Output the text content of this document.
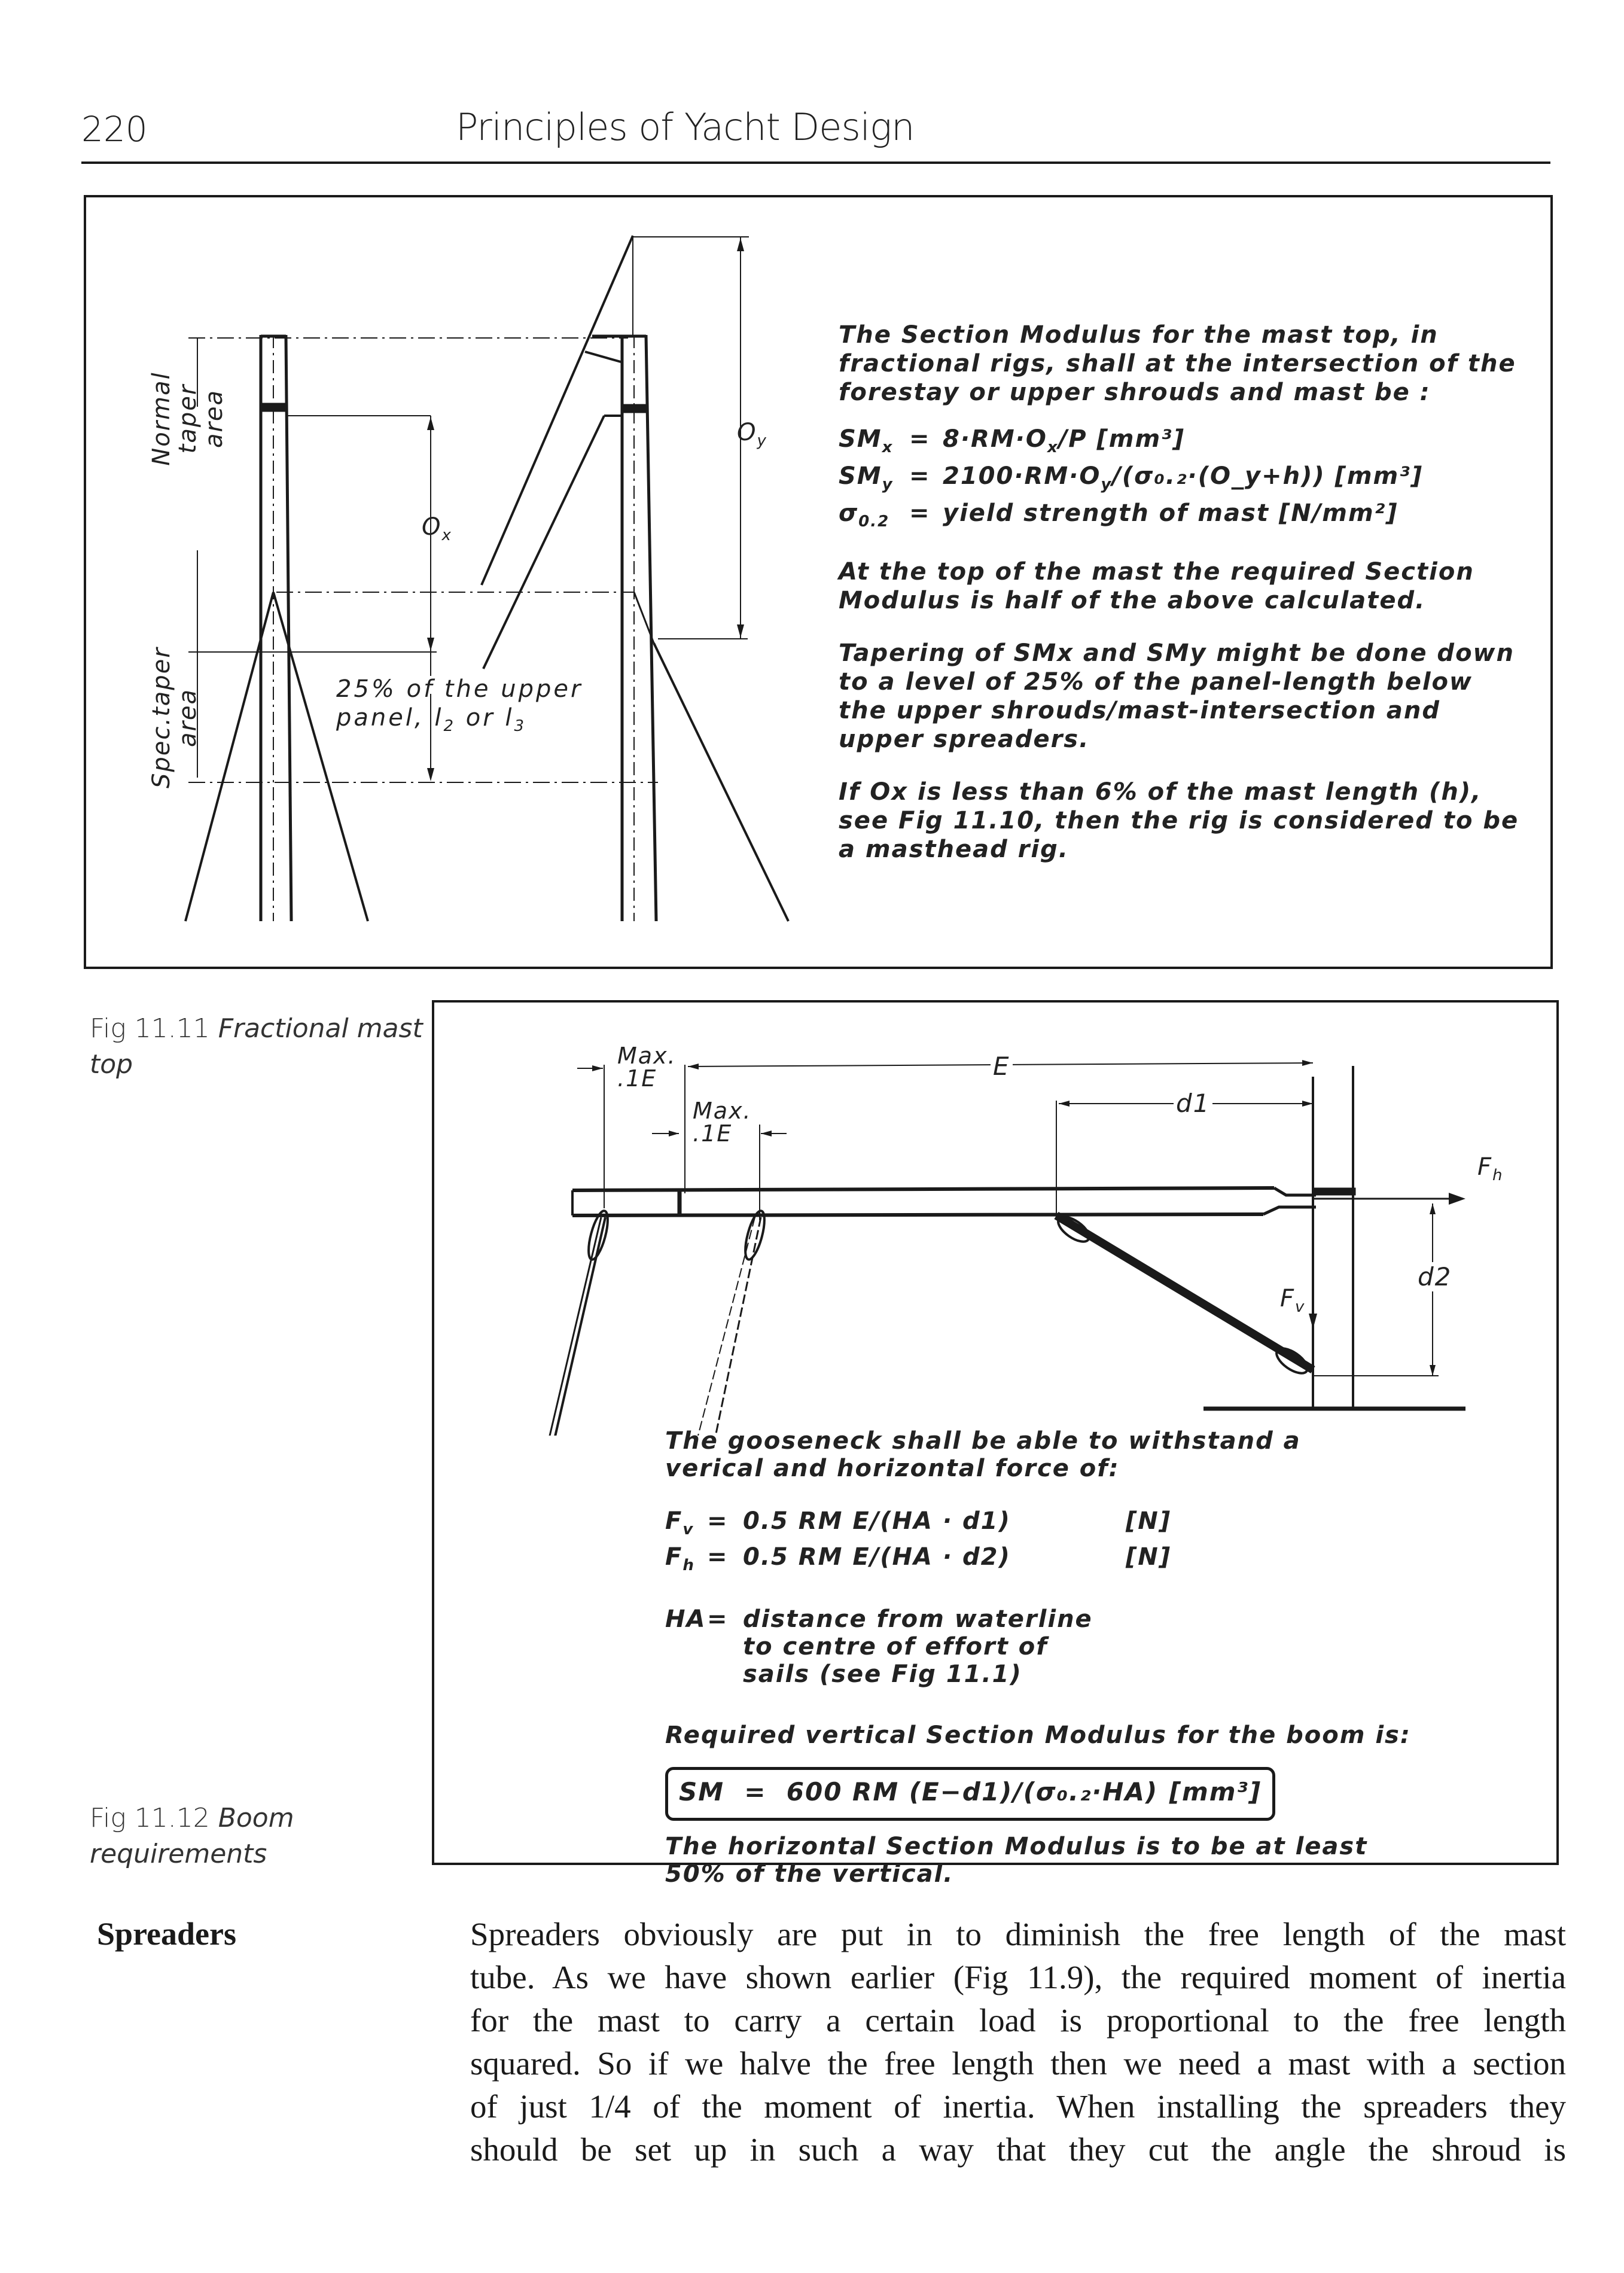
220	Principles of Yacht Design
Normal taper
area
Spec.taper
area
$O_x$
$O_y$
25% of the upper
panel, $l_2$ or $l_3$

The Section Modulus for the mast top, in fractional rigs, shall at the intersection of the forestay or upper shrouds and mast be :

$SM_x = 8\cdot RM\cdot O_x/P$ [mm³]
$SM_y$ = $2100\cdot RM\cdot O_y/(\sigma_0._2\cdot(O\_y+h))$ [mm³]
$\sigma_{0.2}$ = yield strength of mast [N/mm²]

At the top of the mast the required Section Modulus is half of the above calculated.

Tapering of SMx and SMy might be done down to a level of 25% of the panel-length below the upper shrouds/mast-intersection and upper spreaders.

If Ox is less than 6% of the mast length (h), see Fig 11.10, then the rig is considered to be a masthead rig.

Fig 11.11 Fractional mast top	Max.
.1E
Max.
.1E
E
d1
d2
$F_h$
$F_v$

The gooseneck shall be able to withstand a verical and horizontal force of:

$F_v = 0.5$ RM E/(HA · d1)	[N]
$F_h = 0.5$ RM E/(HA · d2)	[N]
HA = distance from waterline
to centre of effort of
sails (see Fig 11.1)

Required vertical Section Modulus for the boom is:

SM
=
600 RM (E−d1)/(σ₀.₂·HA) [mm³]

The horizontal Section Modulus is to be at least 50% of the vertical.

Fig 11.12 Boom requirements
Spreaders	Spreaders obviously are put in to diminish the free length of the mast
tube. As we have shown earlier (Fig 11.9), the required moment of inertia
for the mast to carry a certain load is proportional to the free length
squared. So if we halve the free length then we need a mast with a section
of just 1/4 of the moment of inertia. When installing the spreaders they
should be set up in such a way that they cut the angle the shroud is
